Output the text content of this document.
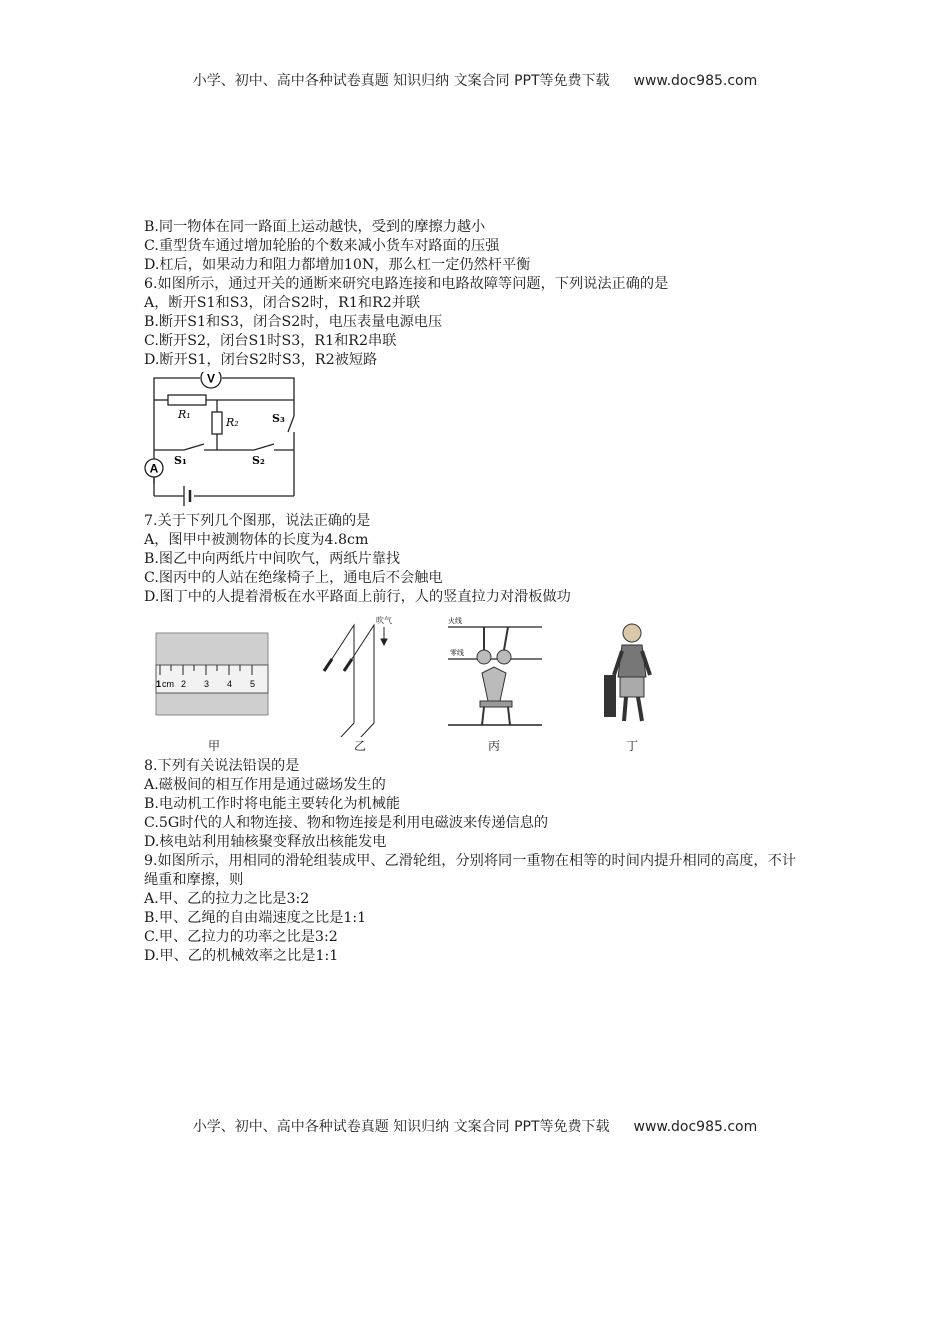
小学、初中、高中各种试卷真题 知识归纳 文案合同 PPT等免费下载 www.doc985.com
B.同一物体在同一路面上运动越快，受到的摩擦力越小
C.重型货车通过增加轮胎的个数来减小货车对路面的压强
D.杠后，如果动力和阻力都增加10N，那么杠一定仍然杆平衡
6.如图所示，通过开关的通断来研究电路连接和电路故障等问题，下列说法正确的是
A，断开S1和S3，闭合S2时，R1和R2并联
B.断开S1和S3，闭合S2时，电压表量电源电压
C.断开S2，闭台S1时S3，R1和R2串联
D.断开S1，闭台S2时S3，R2被短路
V
A
R₁
R₂	S₃
S₁	S₂
7.关于下列几个图那，说法正确的是
A，图甲中被测物体的长度为4.8cm
B.图乙中向两纸片中间吹气，两纸片靠找
C.图丙中的人站在绝缘椅子上，通电后不会触电
D.图丁中的人提着滑板在水平路面上前行，人的竖直拉力对滑板做功
cm 2 3 4 5
1
吹气	火线
零线
甲	乙	丙	丁
8.下列有关说法铅误的是
A.磁极间的相互作用是通过磁场发生的
B.电动机工作时将电能主要转化为机械能
C.5G时代的人和物连接、物和物连接是利用电磁波来传递信息的
D.核电站利用轴核聚变释放出核能发电
9.如图所示，用相同的滑轮组装成甲、乙滑轮组，分别将同一重物在相等的时间内提升相同的高度，不计绳重和摩擦，则
A.甲、乙的拉力之比是3:2
B.甲、乙绳的自由端速度之比是1:1
C.甲、乙拉力的功率之比是3:2
D.甲、乙的机械效率之比是1:1
小学、初中、高中各种试卷真题 知识归纳 文案合同 PPT等免费下载 www.doc985.com
